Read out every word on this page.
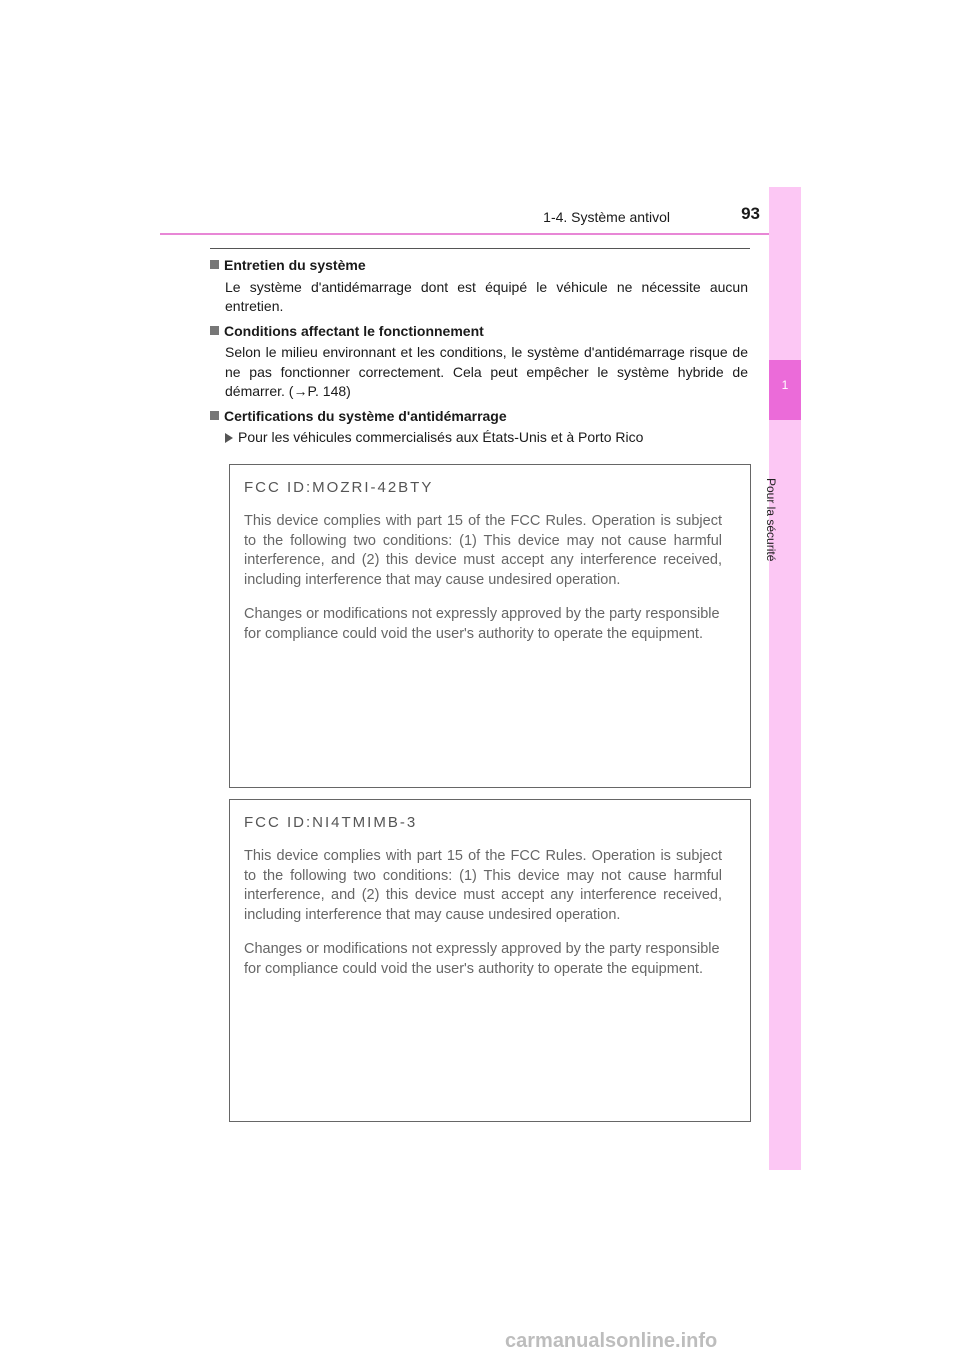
1-4. Système antivol	93
1
Pour la sécurité

Entretien du système

Le système d'antidémarrage dont est équipé le véhicule ne nécessite aucun entretien.

Conditions affectant le fonctionnement

Selon le milieu environnant et les conditions, le système d'antidémarrage risque de ne pas fonctionner correctement. Cela peut empêcher le système hybride de démarrer. (→P. 148)

Certifications du système d'antidémarrage

Pour les véhicules commercialisés aux États-Unis et à Porto Rico

FCC ID:MOZRI-42BTY
This device complies with part 15 of the FCC Rules. Operation is subject to the following two conditions: (1) This device may not cause harmful interference, and (2) this device must accept any interference received, including interference that may cause undesired operation.
Changes or modifications not expressly approved by the party responsible for compliance could void the user's authority to operate the equipment.
FCC ID:NI4TMIMB-3
This device complies with part 15 of the FCC Rules. Operation is subject to the following two conditions: (1) This device may not cause harmful interference, and (2) this device must accept any interference received, including interference that may cause undesired operation.
Changes or modifications not expressly approved by the party responsible for compliance could void the user's authority to operate the equipment.
carmanualsonline.info
